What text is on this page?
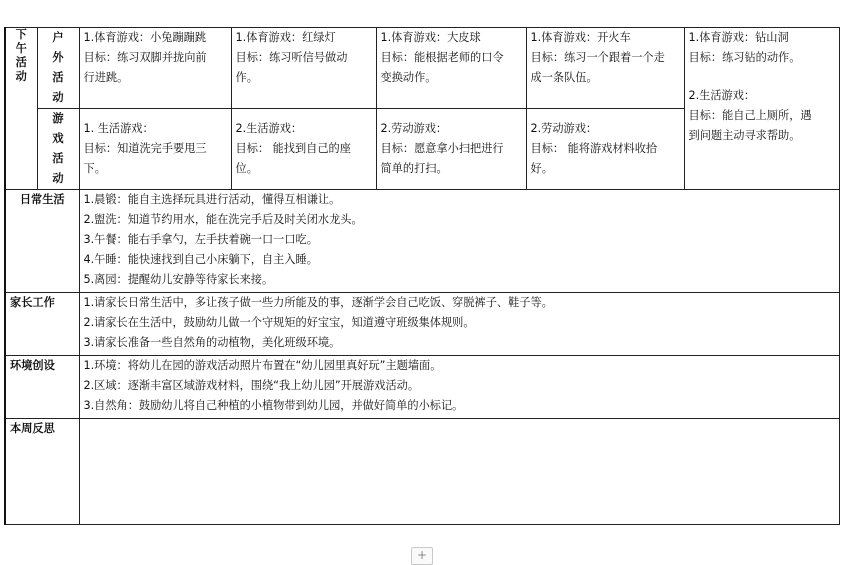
下
午
活
动	户外活动	1.体育游戏：小兔蹦蹦跳
目标：练习双脚并拢向前
行进跳。	1.体育游戏：红绿灯
目标：练习听信号做动
作。	1.体育游戏：大皮球
目标：能根据老师的口令
变换动作。	1.体育游戏：开火车
目标：练习一个跟着一个走
成一条队伍。	1.体育游戏：钻山洞
目标：练习钻的动作。
2.生活游戏：
目标：能自己上厕所，遇
到问题主动寻求帮助。

	游戏活动	1. 生活游戏：
目标：知道洗完手要甩三
下。	2.生活游戏：
目标： 能找到自己的座
位。	2.劳动游戏：
目标：愿意拿小扫把进行
简单的打扫。	2.劳动游戏：
目标： 能将游戏材料收拾
好。	

日常生活		1.晨锻：能自主选择玩具进行活动，懂得互相谦让。
2.盥洗：知道节约用水，能在洗完手后及时关闭水龙头。
3.午餐：能右手拿勺，左手扶着碗一口一口吃。
4.午睡：能快速找到自己小床躺下，自主入睡。
5.离园：提醒幼儿安静等待家长来接。				

家长工作		1.请家长日常生活中，多让孩子做一些力所能及的事，逐渐学会自己吃饭、穿脱裤子、鞋子等。
2.请家长在生活中，鼓励幼儿做一个守规矩的好宝宝，知道遵守班级集体规则。
3.请家长准备一些自然角的动植物，美化班级环境。				

环境创设		1.环境：将幼儿在园的游戏活动照片布置在“幼儿园里真好玩”主题墙面。
2.区域：逐渐丰富区域游戏材料，围绕“我上幼儿园”开展游戏活动。
3.自然角：鼓励幼儿将自己种植的小植物带到幼儿园，并做好简单的小标记。				

本周反思						
+
